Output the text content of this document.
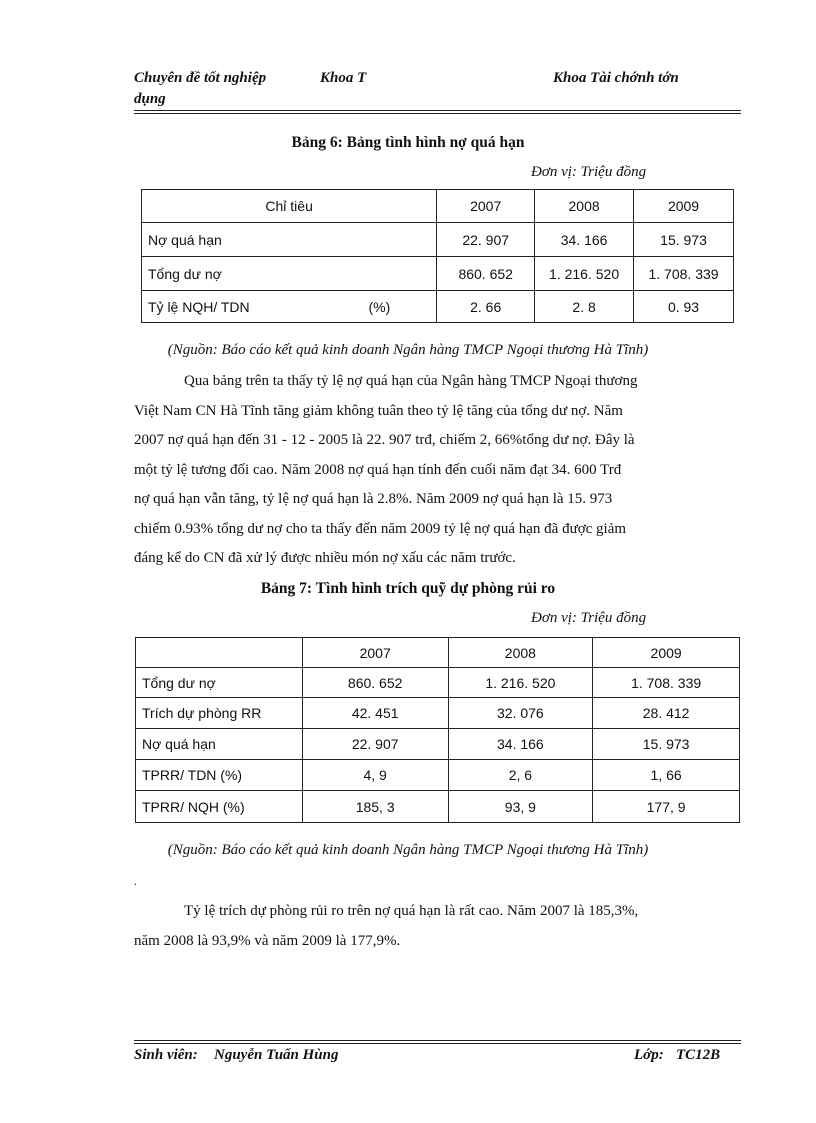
Chuyên đề tốt nghiệp	Khoa T	Khoa Tài chớnh tớn
dụng
Bảng 6: Bảng tình hình nợ quá hạn
Đơn vị: Triệu đồng
Chỉ tiêu	2007	2008	2009
Nợ quá hạn	22. 907	34. 166	15. 973
Tổng dư nợ	860. 652	1. 216. 520	1. 708. 339
Tỷ lệ NQH/ TDN (%)	2. 66	2. 8	0. 93
(Nguồn: Báo cáo kết quả kinh doanh Ngân hàng TMCP Ngoại thương Hà Tĩnh)
Qua bảng trên ta thấy tỷ lệ nợ quá hạn của Ngân hàng TMCP Ngoại thương
Việt Nam CN Hà Tĩnh tăng giảm không tuân theo tỷ lệ tăng của tổng dư nợ. Năm
2007 nợ quá hạn đến 31 - 12 - 2005 là 22. 907 trđ, chiếm 2, 66%tổng dư nợ. Đây là
một tỷ lệ tương đối cao. Năm 2008 nợ quá hạn tính đến cuối năm đạt 34. 600 Trđ
nợ quá hạn vẫn tăng, tỷ lệ nợ quá hạn là 2.8%. Năm 2009 nợ quá hạn là 15. 973
chiếm 0.93% tổng dư nợ cho ta thấy đến năm 2009 tỷ lệ nợ quá hạn đã được giảm
đáng kể do CN đã xử lý được nhiều món nợ xấu các năm trước.
Bảng 7: Tình hình trích quỹ dự phòng rủi ro
Đơn vị: Triệu đồng
	2007	2008	2009
Tổng dư nợ	860. 652	1. 216. 520	1. 708. 339
Trích dự phòng RR	42. 451	32. 076	28. 412
Nợ quá hạn	22. 907	34. 166	15. 973
TPRR/ TDN (%)	4, 9	2, 6	1, 66
TPRR/ NQH (%)	185, 3	93, 9	177, 9
(Nguồn: Báo cáo kết quả kinh doanh Ngân hàng TMCP Ngoại thương Hà Tĩnh)
.
Tỷ lệ trích dự phòng rủi ro trên nợ quá hạn là rất cao. Năm 2007 là 185,3%,
năm 2008 là 93,9% và năm 2009 là 177,9%.
Sinh viên: Nguyễn Tuấn Hùng	Lớp: TC12B
